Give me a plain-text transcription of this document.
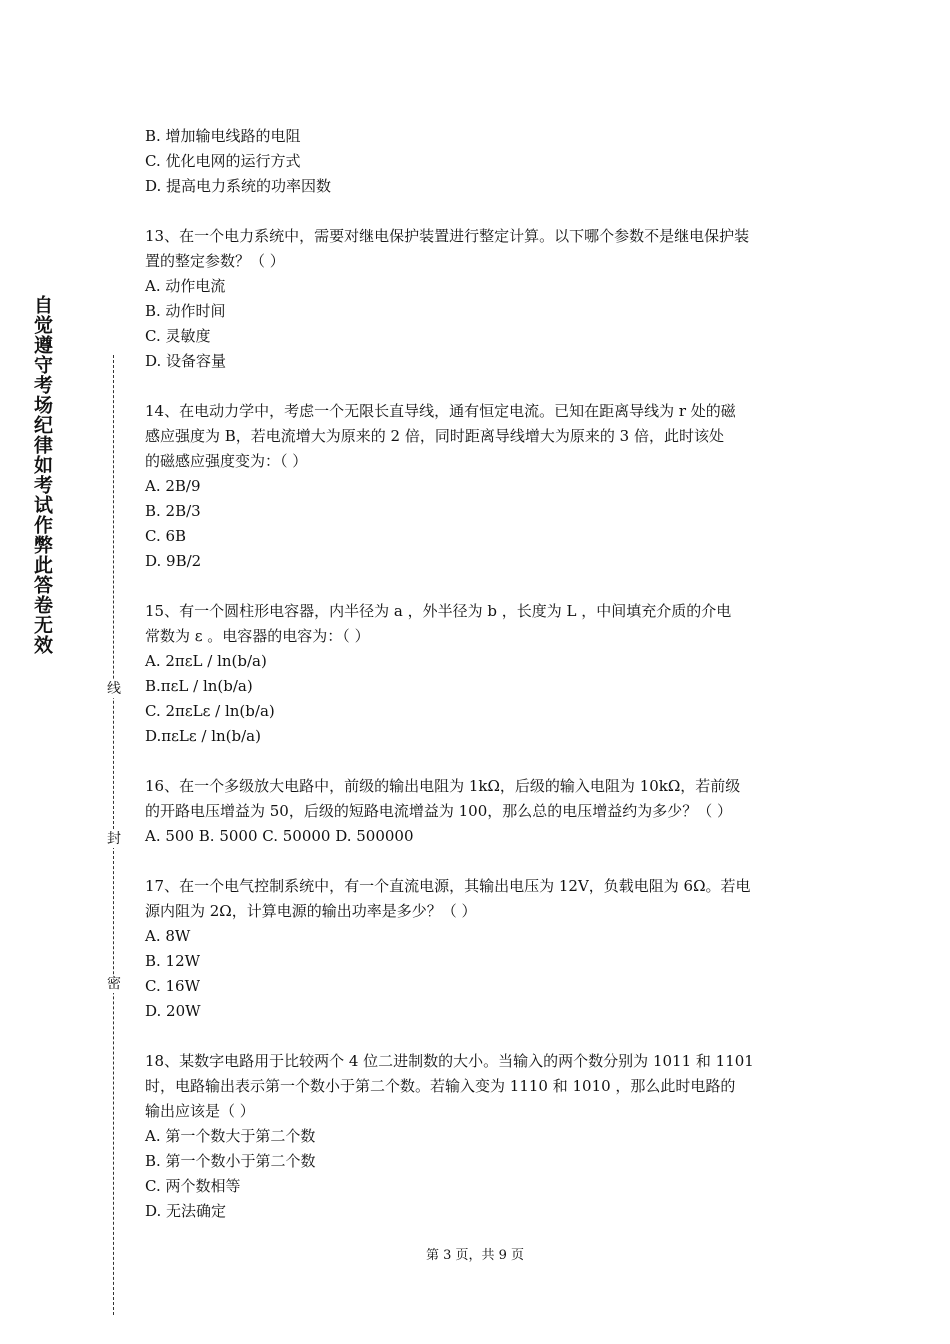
自觉遵守考场纪律如考试作弊此答卷无效
线
封
密

B. 增加输电线路的电阻

C. 优化电网的运行方式

D. 提高电力系统的功率因数

13、在一个电力系统中，需要对继电保护装置进行整定计算。以下哪个参数不是继电保护装

置的整定参数？（ ）

A. 动作电流

B. 动作时间

C. 灵敏度

D. 设备容量

14、在电动力学中，考虑一个无限长直导线，通有恒定电流。已知在距离导线为 r 处的磁

感应强度为 B，若电流增大为原来的 2 倍，同时距离导线增大为原来的 3 倍，此时该处

的磁感应强度变为：（ ）

A. 2B/9

B. 2B/3

C. 6B

D. 9B/2

15、有一个圆柱形电容器，内半径为 a ，外半径为 b ，长度为 L ，中间填充介质的介电

常数为 ε 。电容器的电容为：（ ）

A. 2πεL / ln(b/a)

B.πεL / ln(b/a)

C. 2πεLε / ln(b/a)

D.πεLε / ln(b/a)

16、在一个多级放大电路中，前级的输出电阻为 1kΩ，后级的输入电阻为 10kΩ，若前级

的开路电压增益为 50，后级的短路电流增益为 100，那么总的电压增益约为多少？（ ）

A. 500 B. 5000 C. 50000 D. 500000

17、在一个电气控制系统中，有一个直流电源，其输出电压为 12V，负载电阻为 6Ω。若电

源内阻为 2Ω，计算电源的输出功率是多少？（ ）

A. 8W

B. 12W

C. 16W

D. 20W

18、某数字电路用于比较两个 4 位二进制数的大小。当输入的两个数分别为 1011 和 1101

时，电路输出表示第一个数小于第二个数。若输入变为 1110 和 1010 ，那么此时电路的

输出应该是（ ）

A. 第一个数大于第二个数

B. 第一个数小于第二个数

C. 两个数相等

D. 无法确定

第 3 页，共 9 页
